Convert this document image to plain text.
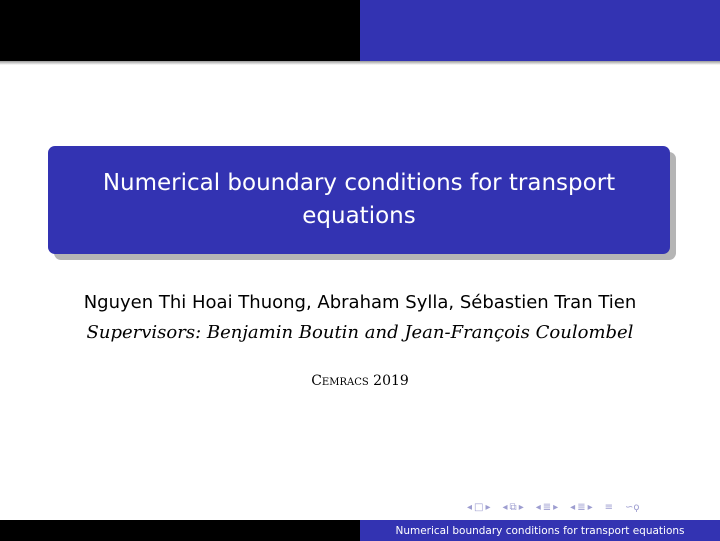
Numerical boundary conditions for transport equations
Nguyen Thi Hoai Thuong, Abraham Sylla, Sébastien Tran Tien
Supervisors: Benjamin Boutin and Jean-François Coulombel
Cemracs 2019
◂ □ ▸ ◂ ⧉ ▸ ◂ ≣ ▸ ◂ ≣ ▸ ≡ ∽ϙ
Numerical boundary conditions for transport equations
